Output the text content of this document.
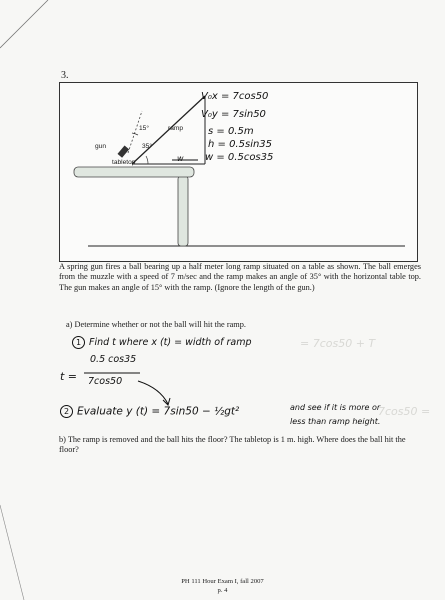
= 7cos50 + T
7cos50 =
3.
gun
ramp
tabletop
15°
35°
w
V₀x = 7cos50
V₀y = 7sin50
s = 0.5m
h = 0.5sin35
w = 0.5cos35
A spring gun fires a ball bearing up a half meter long ramp situated on a table as shown. The ball emerges from the muzzle with a speed of 7 m/sec and the ramp makes an angle of 35° with the horizontal table top. The gun makes an angle of 15° with the ramp. (Ignore the length of the gun.)
a) Determine whether or not the ball will hit the ramp.
1 Find t where x (t) = width of ramp
t =
0.5 cos35
7cos50
2 Evaluate y (t) = 7sin50 − ½gt²	and see if it is more or
less than ramp height.
b) The ramp is removed and the ball hits the floor? The tabletop is 1 m. high. Where does the ball hit the floor?
PH 111 Hour Exam I, fall 2007
p. 4
